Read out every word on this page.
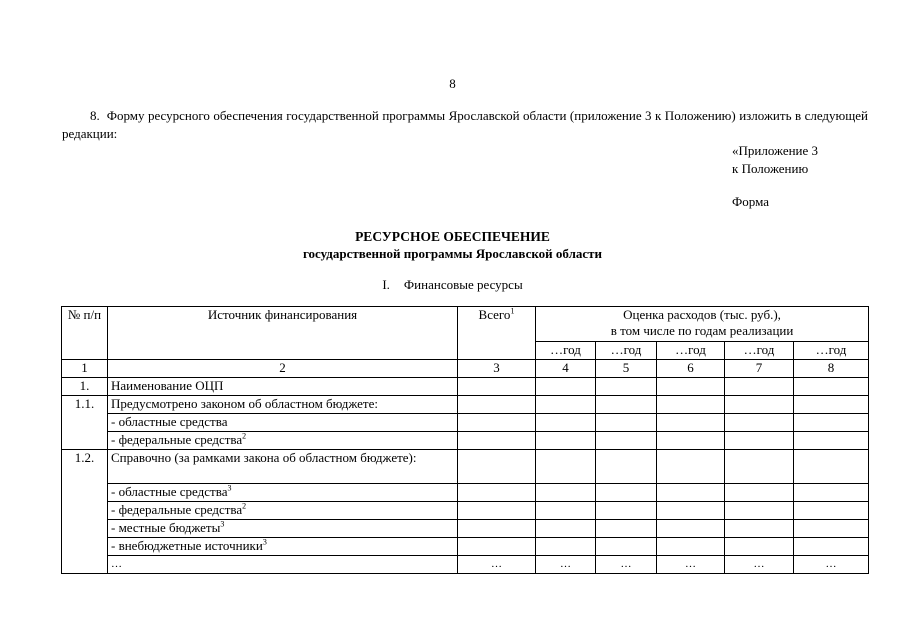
8
8. Форму ресурсного обеспечения государственной программы Ярославской области (приложение 3 к Положению) изложить в следующей редакции:
«Приложение 3
к Положению
Форма
РЕСУРСНОЕ ОБЕСПЕЧЕНИЕ
государственной программы Ярославской области
I. Финансовые ресурсы
№ п/п	Источник финансирования	Всего$^1$	Оценка расходов (тыс. руб.),
в том числе по годам реализации				

			…год	…год	…год	…год	…год
1	2	3	4	5	6	7	8
1.	Наименование ОЦП						
1.1.	Предусмотрено законом об областном бюджете:						
	- областные средства						
	- федеральные средства$^2$						
1.2.	Справочно (за рамками закона об областном бюджете):						
	- областные средства$^3$						
	- федеральные средства$^2$						
	- местные бюджеты$^3$						
	- внебюджетные источники$^3$						
	…	…	…	…	…	…	…
